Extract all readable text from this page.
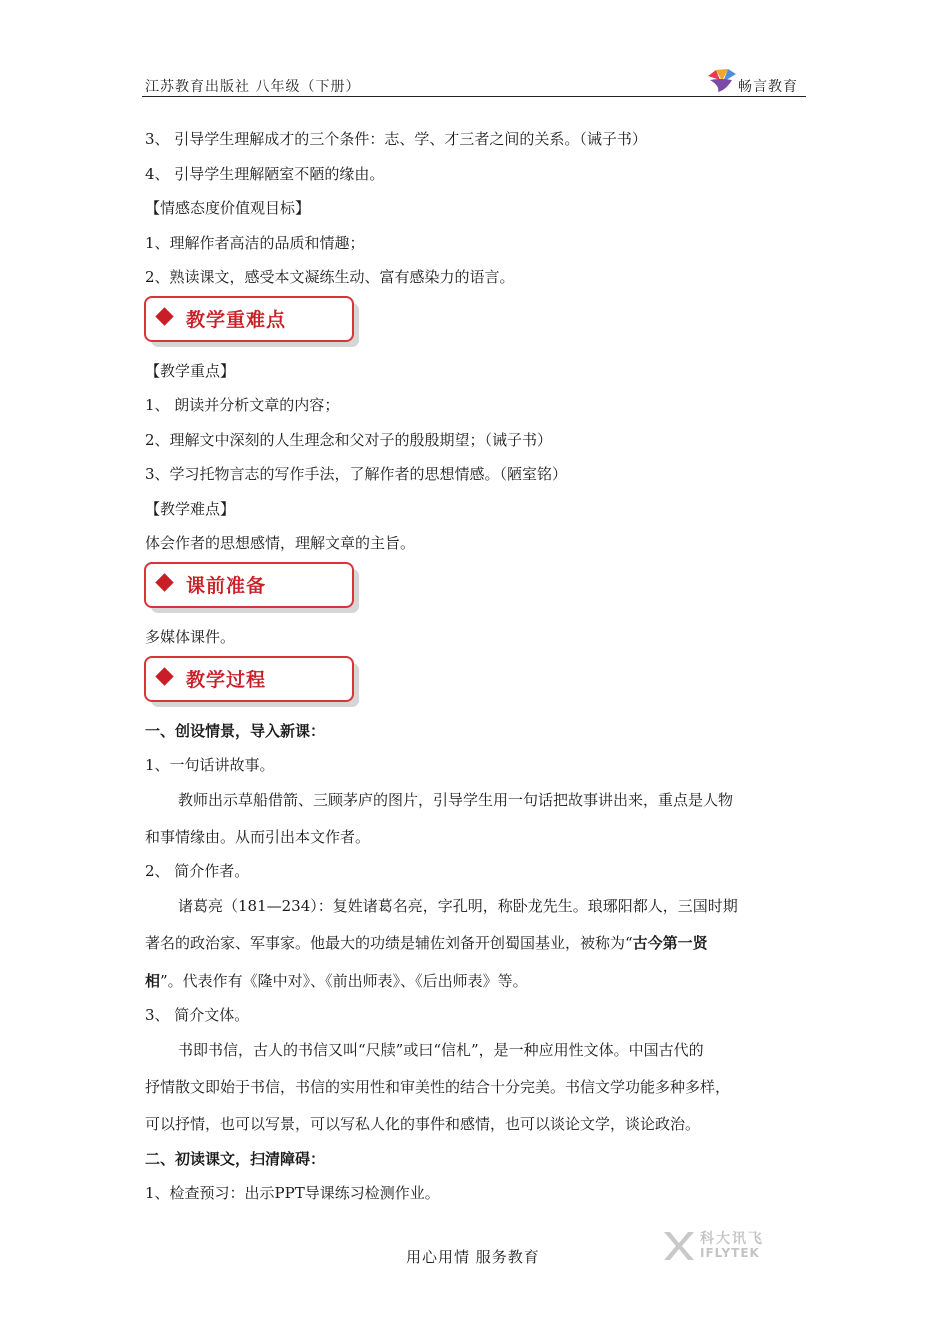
江苏教育出版社 八年级（下册）	畅言教育
3、 引导学生理解成才的三个条件：志、学、才三者之间的关系。（诫子书）
4、 引导学生理解陋室不陋的缘由。
【情感态度价值观目标】
1、理解作者高洁的品质和情趣；
2、熟读课文，感受本文凝练生动、富有感染力的语言。
教学重难点
【教学重点】
1、 朗读并分析文章的内容；
2、理解文中深刻的人生理念和父对子的殷殷期望；（诫子书）
3、学习托物言志的写作手法，了解作者的思想情感。（陋室铭）
【教学难点】
体会作者的思想感情，理解文章的主旨。
课前准备
多媒体课件。
教学过程
一、创设情景，导入新课：
1、一句话讲故事。
教师出示草船借箭、三顾茅庐的图片，引导学生用一句话把故事讲出来，重点是人物
和事情缘由。从而引出本文作者。
2、 简介作者。
诸葛亮（181—234）：复姓诸葛名亮，字孔明，称卧龙先生。琅琊阳都人，三国时期
著名的政治家、军事家。他最大的功绩是辅佐刘备开创蜀国基业，被称为“古今第一贤
相”。代表作有《隆中对》、《前出师表》、《后出师表》等。
3、 简介文体。
书即书信，古人的书信又叫“尺牍”或曰“信札”，是一种应用性文体。中国古代的
抒情散文即始于书信，书信的实用性和审美性的结合十分完美。书信文学功能多种多样，
可以抒情，也可以写景，可以写私人化的事件和感情，也可以谈论文学，谈论政治。
二、初读课文，扫清障碍：
1、检查预习：出示PPT导课练习检测作业。
用心用情 服务教育
科大讯飞
IFLYTEK
